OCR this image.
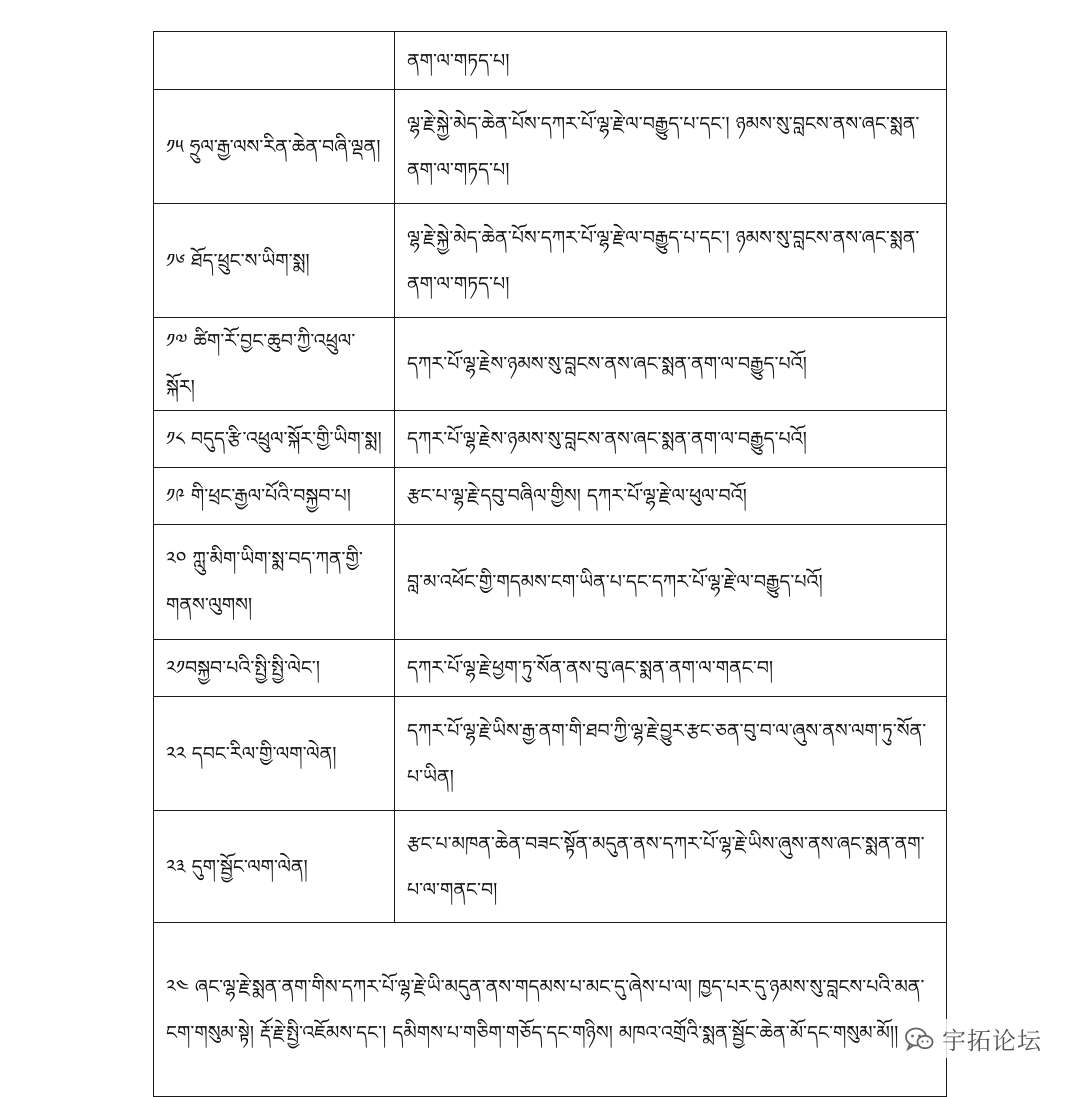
	ནག་ལ་གཏད་པ།
༡༥ ཧྲུལ་རྒྱ་ལས་རིན་ཆེན་བཞི་ལྡན།	ལྷ་རྗེ་སྐྱེ་མེད་ཆེན་པོས་དཀར་པོ་ལྷ་རྗེ་ལ་བརྒྱུད་པ་དང་། ཉམས་སུ་བླངས་ནས་ཞང་སྨན་ནག་ལ་གཏད་པ།
༡༦ ཐོད་ཕྲུང་ས་ཡིག་སྨ།	ལྷ་རྗེ་སྐྱེ་མེད་ཆེན་པོས་དཀར་པོ་ལྷ་རྗེ་ལ་བརྒྱུད་པ་དང་། ཉམས་སུ་བླངས་ནས་ཞང་སྨན་ནག་ལ་གཏད་པ།
༡༧ ཚིག་རོ་བྱང་ཆུབ་ཀྱི་འཕྲུལ་སྐོར།	དཀར་པོ་ལྷ་རྗེས་ཉམས་སུ་བླངས་ནས་ཞང་སྨན་ནག་ལ་བརྒྱུད་པའོ།
༡༨ བདུད་རྩི་འཕྲུལ་སྐོར་གྱི་ཡིག་སྨ།	དཀར་པོ་ལྷ་རྗེས་ཉམས་སུ་བླངས་ནས་ཞང་སྨན་ནག་ལ་བརྒྱུད་པའོ།
༡༩ གི་ཕྲང་རྒྱལ་པོའི་བསྐྱབ་པ།	རྩང་པ་ལྷ་རྗེ་དབུ་བཞིལ་གྱིས། དཀར་པོ་ལྷ་རྗེ་ལ་ཕུལ་བའོ།
༢༠ ཀླུ་མིག་ཡིག་སྨ་བད་ཀན་གྱི་གནས་ལུགས།	བླ་མ་འཕོང་གྱི་གདམས་ངག་ཡིན་པ་དང་དཀར་པོ་ལྷ་རྗེ་ལ་བརྒྱུད་པའོ།
༢༡བསྐྱབ་པའི་སྤྱི་སྤྱི་ལེང་།	དཀར་པོ་ལྷ་རྗེ་ཕྱག་ཏུ་སོན་ནས་བུ་ཞང་སྨན་ནག་ལ་གནང་བ།
༢༢ དབང་རིལ་གྱི་ལག་ལེན།	དཀར་པོ་ལྷ་རྗེ་ཡིས་རྒྱ་ནག་གི་ཐབ་ཀྱི་ལྷ་རྗེ་བྱུར་རྩང་ཅན་བུ་བ་ལ་ཞུས་ནས་ལག་ཏུ་སོན་པ་ཡིན།
༢༣ དུག་སྦྱོང་ལག་ལེན།	རྩང་པ་མཁན་ཆེན་བཟང་སྟོན་མདུན་ནས་དཀར་པོ་ལྷ་རྗེ་ཡིས་ཞུས་ནས་ཞང་སྨན་ནག་པ་ལ་གནང་བ།
༢༤ ཞང་ལྷ་རྗེ་སྨན་ནག་གིས་དཀར་པོ་ལྷ་རྗེ་ཡི་མདུན་ནས་གདམས་པ་མང་དུ་ཞེས་པ་ལ། ཁྱད་པར་དུ་ཉམས་སུ་བླངས་པའི་མན་ངག་གསུམ་སྟེ། རྡོ་རྗེ་སྤྱི་འཇོམས་དང་། དམིགས་པ་གཅིག་གཅོད་དང་གཉིས། མཁའ་འགྲོའི་སྨན་སྦྱོང་ཆེན་མོ་དང་གསུམ་མོ།།	宇拓论坛
